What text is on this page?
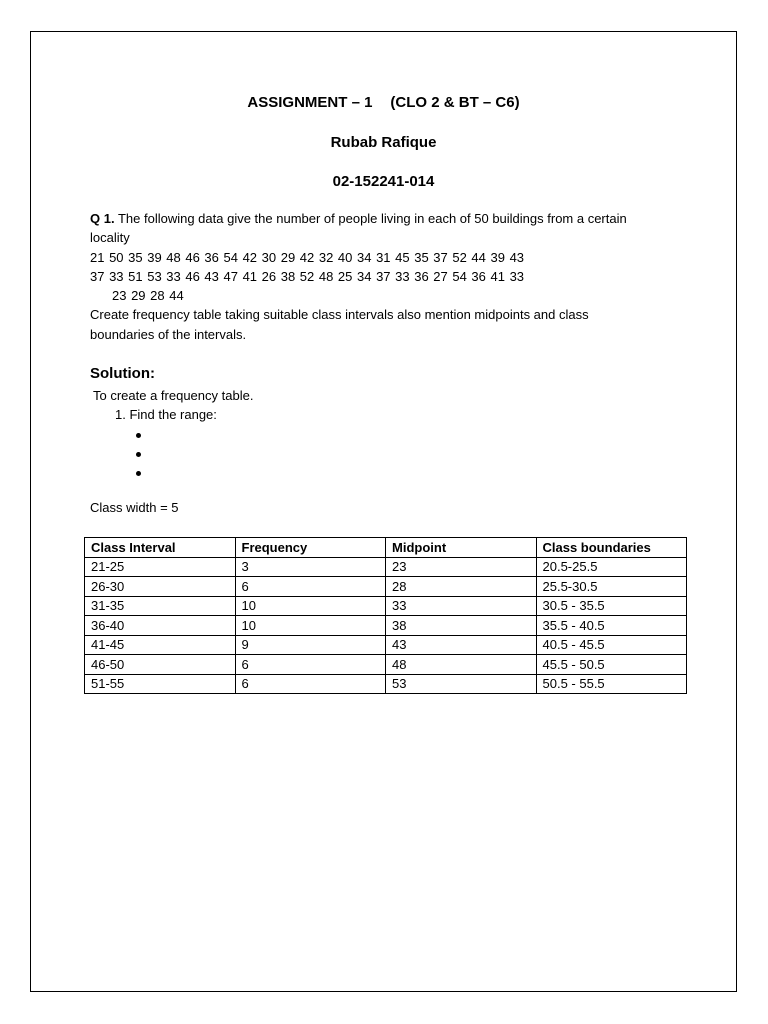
ASSIGNMENT – 1 (CLO 2 & BT – C6)
Rubab Rafique
02-152241-014

Q 1. The following data give the number of people living in each of 50 buildings from a certain locality

21 50 35 39 48 46 36 54 42 30 29 42 32 40 34 31 45 35 37 52 44 39 43

37 33 51 53 33 46 43 47 41 26 38 52 48 25 34 37 33 36 27 54 36 41 33

23 29 28 44

Create frequency table taking suitable class intervals also mention midpoints and class boundaries of the intervals.

Solution:

To create a frequency table.

1. Find the range:

Class width = 5
Class Interval	Frequency	Midpoint	Class boundaries
21-25	3	23	20.5-25.5
26-30	6	28	25.5-30.5
31-35	10	33	30.5 - 35.5
36-40	10	38	35.5 - 40.5
41-45	9	43	40.5 - 45.5
46-50	6	48	45.5 - 50.5
51-55	6	53	50.5 - 55.5
